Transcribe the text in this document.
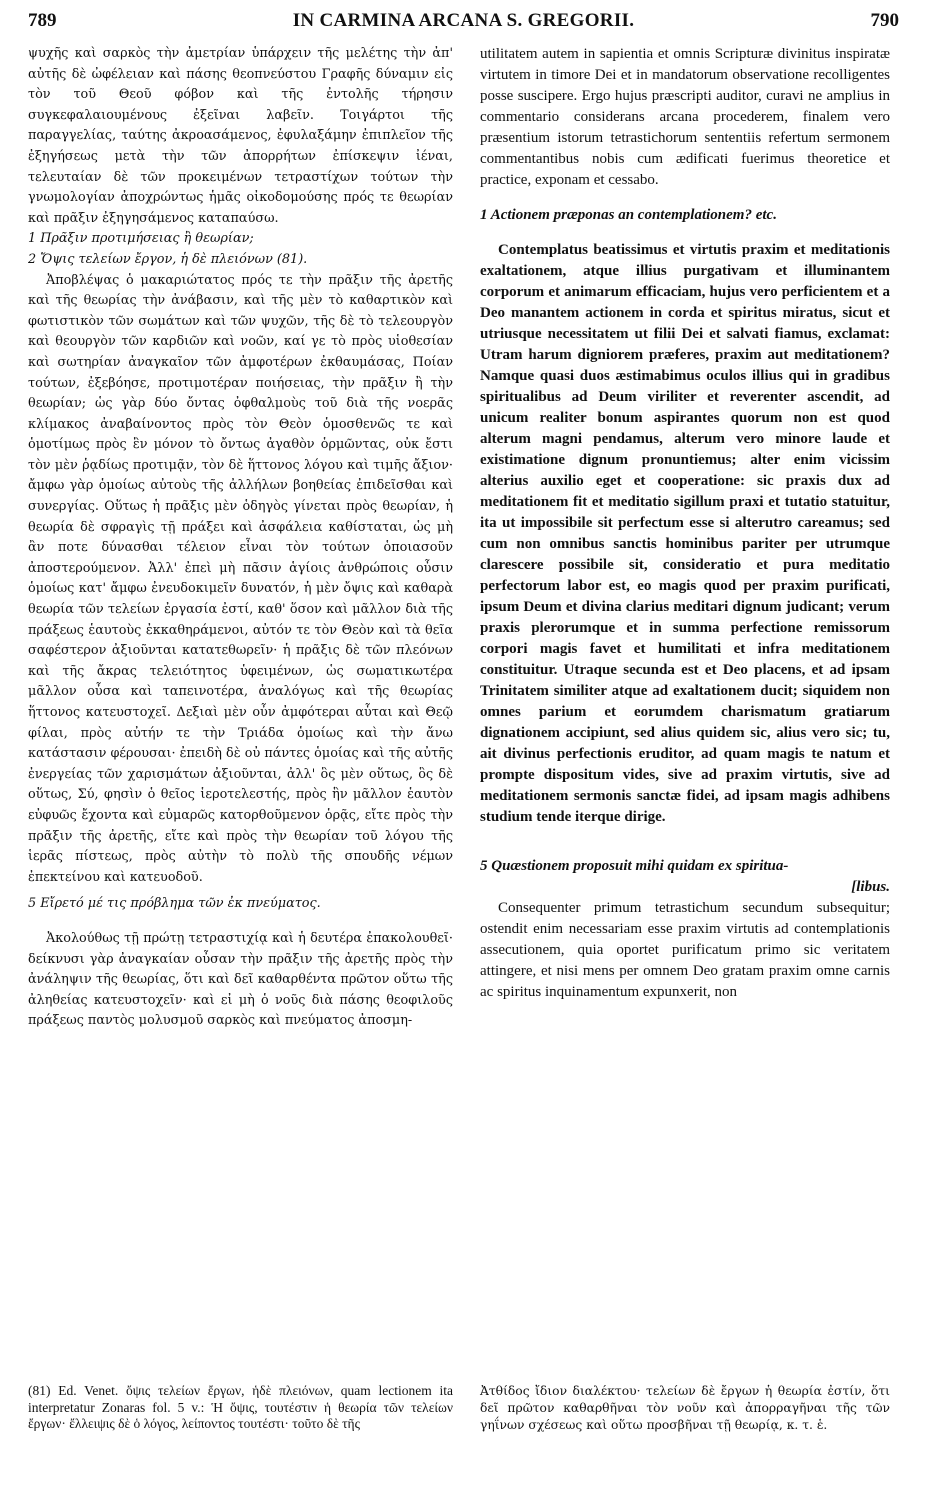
789	IN CARMINA ARCANA S. GREGORII.	790

ψυχῆς καὶ σαρκὸς τὴν ἀμετρίαν ὑπάρχειν τῆς μελέτης τὴν ἀπ' αὐτῆς δὲ ὠφέλειαν καὶ πάσης θεοπνεύστου Γραφῆς δύναμιν εἰς τὸν τοῦ Θεοῦ φόβον καὶ τῆς ἐντολῆς τήρησιν συγκεφαλαιουμένους ἐξεῖναι λαβεῖν. Τοιγάρτοι τῆς παραγγελίας, ταύτης ἀκροασάμενος, ἐφυλαξάμην ἐπιπλεῖον τῆς ἐξηγήσεως μετὰ τὴν τῶν ἀπορρήτων ἐπίσκεψιν ἰέναι, τελευταίαν δὲ τῶν προκειμένων τετραστίχων τούτων τὴν γνωμολογίαν ἀποχρώντως ἡμᾶς οἰκοδομούσης πρός τε θεωρίαν καὶ πρᾶξιν ἐξηγησάμενος καταπαύσω.

1 Πρᾶξιν προτιμήσειας ἢ θεωρίαν;
2 Ὄψις τελείων ἔργον, ἡ δὲ πλειόνων (81).

Ἀποβλέψας ὁ μακαριώτατος πρός τε τὴν πρᾶξιν τῆς ἀρετῆς καὶ τῆς θεωρίας τὴν ἀνάβασιν, καὶ τῆς μὲν τὸ καθαρτικὸν καὶ φωτιστικὸν τῶν σωμάτων καὶ τῶν ψυχῶν, τῆς δὲ τὸ τελεουργὸν καὶ θεουργὸν τῶν καρδιῶν καὶ νοῶν, καί γε τὸ πρὸς υἱοθεσίαν καὶ σωτηρίαν ἀναγκαῖον τῶν ἀμφοτέρων ἐκθαυμάσας, Ποίαν τούτων, ἐξεβόησε, προτιμοτέραν ποιήσειας, τὴν πρᾶξιν ἢ τὴν θεωρίαν; ὡς γὰρ δύο ὄντας ὀφθαλμοὺς τοῦ διὰ τῆς νοερᾶς κλίμακος ἀναβαίνοντος πρὸς τὸν Θεὸν ὁμοσθενῶς τε καὶ ὁμοτίμως πρὸς ἓν μόνον τὸ ὄντως ἀγαθὸν ὁρμῶντας, οὐκ ἔστι τὸν μὲν ῥᾳδίως προτιμᾷν, τὸν δὲ ἥττονος λόγου καὶ τιμῆς ἄξιον· ἄμφω γὰρ ὁμοίως αὐτοὺς τῆς ἀλλήλων βοηθείας ἐπιδεῖσθαι καὶ συνεργίας. Οὕτως ἡ πρᾶξις μὲν ὁδηγὸς γίνεται πρὸς θεωρίαν, ἡ θεωρία δὲ σφραγὶς τῇ πράξει καὶ ἀσφάλεια καθίσταται, ὡς μὴ ἂν ποτε δύνασθαι τέλειον εἶναι τὸν τούτων ὁποιασοῦν ἀποστερούμενον. Ἀλλ' ἐπεὶ μὴ πᾶσιν ἁγίοις ἀνθρώποις οὖσιν ὁμοίως κατ' ἄμφω ἐνευδοκιμεῖν δυνατόν, ἡ μὲν ὄψις καὶ καθαρὰ θεωρία τῶν τελείων ἐργασία ἐστί, καθ' ὅσον καὶ μᾶλλον διὰ τῆς πράξεως ἑαυτοὺς ἐκκαθηράμενοι, αὐτόν τε τὸν Θεὸν καὶ τὰ θεῖα σαφέστερον ἀξιοῦνται κατατεθωρεῖν· ἡ πρᾶξις δὲ τῶν πλεόνων καὶ τῆς ἄκρας τελειότητος ὑφειμένων, ὡς σωματικωτέρα μᾶλλον οὖσα καὶ ταπεινοτέρα, ἀναλόγως καὶ τῆς θεωρίας ἥττονος κατευστοχεῖ. Δεξιαὶ μὲν οὖν ἀμφότεραι αὗται καὶ Θεῷ φίλαι, πρὸς αὐτήν τε τὴν Τριάδα ὁμοίως καὶ τὴν ἄνω κατάστασιν φέρουσαι· ἐπειδὴ δὲ οὐ πάντες ὁμοίας καὶ τῆς αὐτῆς ἐνεργείας τῶν χαρισμάτων ἀξιοῦνται, ἀλλ' ὃς μὲν οὕτως, ὃς δὲ οὕτως, Σύ, φησὶν ὁ θεῖος ἱεροτελεστής, πρὸς ἣν μᾶλλον ἑαυτὸν εὐφυῶς ἔχοντα καὶ εὐμαρῶς κατορθοῦμενον ὁρᾷς, εἴτε πρὸς τὴν πρᾶξιν τῆς ἀρετῆς, εἴτε καὶ πρὸς τὴν θεωρίαν τοῦ λόγου τῆς ἱερᾶς πίστεως, πρὸς αὐτὴν τὸ πολὺ τῆς σπουδῆς νέμων ἐπεκτείνου καὶ κατευοδοῦ.

5 Εἴρετό μέ τις πρόβλημα τῶν ἐκ πνεύματος.

Ἀκολούθως τῇ πρώτῃ τετραστιχίᾳ καὶ ἡ δευτέρα ἐπακολουθεῖ· δείκνυσι γὰρ ἀναγκαίαν οὖσαν τὴν πρᾶξιν τῆς ἀρετῆς πρὸς τὴν ἀνάληψιν τῆς θεωρίας, ὅτι καὶ δεῖ καθαρθέντα πρῶτον οὕτω τῆς ἀληθείας κατευστοχεῖν· καὶ εἰ μὴ ὁ νοῦς διὰ πάσης θεοφιλοῦς πράξεως παντὸς μολυσμοῦ σαρκὸς καὶ πνεύματος ἀποσμη-

utilitatem autem in sapientia et omnis Scripturæ divinitus inspiratæ virtutem in timore Dei et in mandatorum observatione recolligentes posse suscipere. Ergo hujus præscripti auditor, curavi ne amplius in commentario considerans arcana procederem, finalem vero præsentium istorum tetrastichorum sententiis refertum sermonem commentantibus nobis cum ædificati fuerimus theoretice et practice, exponam et cessabo.

1 Actionem præponas an contemplationem? etc.

Contemplatus beatissimus et virtutis praxim et meditationis exaltationem, atque illius purgativam et illuminantem corporum et animarum efficaciam, hujus vero perficientem et a Deo manantem actionem in corda et spiritus miratus, sicut et utriusque necessitatem ut filii Dei et salvati fiamus, exclamat: Utram harum digniorem præferes, praxim aut meditationem? Namque quasi duos æstimabimus oculos illius qui in gradibus spiritualibus ad Deum viriliter et reverenter ascendit, ad unicum realiter bonum aspirantes quorum non est quod alterum magni pendamus, alterum vero minore laude et existimatione dignum pronuntiemus; alter enim vicissim alterius auxilio eget et cooperatione: sic praxis dux ad meditationem fit et meditatio sigillum praxi et tutatio statuitur, ita ut impossibile sit perfectum esse si alterutro careamus; sed cum non omnibus sanctis hominibus pariter per utrumque clarescere possibile sit, consideratio et pura meditatio perfectorum labor est, eo magis quod per praxim purificati, ipsum Deum et divina clarius meditari dignum judicant; verum praxis plerorumque et in summa perfectione remissorum corpori magis favet et humilitati et infra meditationem constituitur. Utraque secunda est et Deo placens, et ad ipsam Trinitatem similiter atque ad exaltationem ducit; siquidem non omnes parium et eorumdem charismatum gratiarum dignationem accipiunt, sed alius quidem sic, alius vero sic; tu, ait divinus perfectionis eruditor, ad quam magis te natum et prompte dispositum vides, sive ad praxim virtutis, sive ad meditationem sermonis sanctæ fidei, ad ipsam magis adhibens studium tende iterque dirige.

5 Quæstionem proposuit mihi quidam ex spiritua-
[libus.

Consequenter primum tetrastichum secundum subsequitur; ostendit enim necessariam esse praxim virtutis ad contemplationis assecutionem, quia oportet purificatum primo sic veritatem attingere, et nisi mens per omnem Deo gratam praxim omne carnis ac spiritus inquinamentum expunxerit, non

(81) Ed. Venet. ὄψις τελείων ἔργων, ἡδὲ πλειόνων, quam lectionem ita interpretatur Zonaras fol. 5 v.: Ἡ ὄψις, τουτέστιν ἡ θεωρία τῶν τελείων ἔργων· ἔλλειψις δὲ ὁ λόγος, λείποντος τουτέστι· τοῦτο δὲ τῆς

Ἀτθίδος ἴδιον διαλέκτου· τελείων δὲ ἔργων ἡ θεωρία ἐστίν, ὅτι δεῖ πρῶτον καθαρθῆναι τὸν νοῦν καὶ ἀπορραγῆναι τῆς τῶν γηΐνων σχέσεως καὶ οὕτω προσβῆναι τῇ θεωρίᾳ, κ. τ. ἑ.
